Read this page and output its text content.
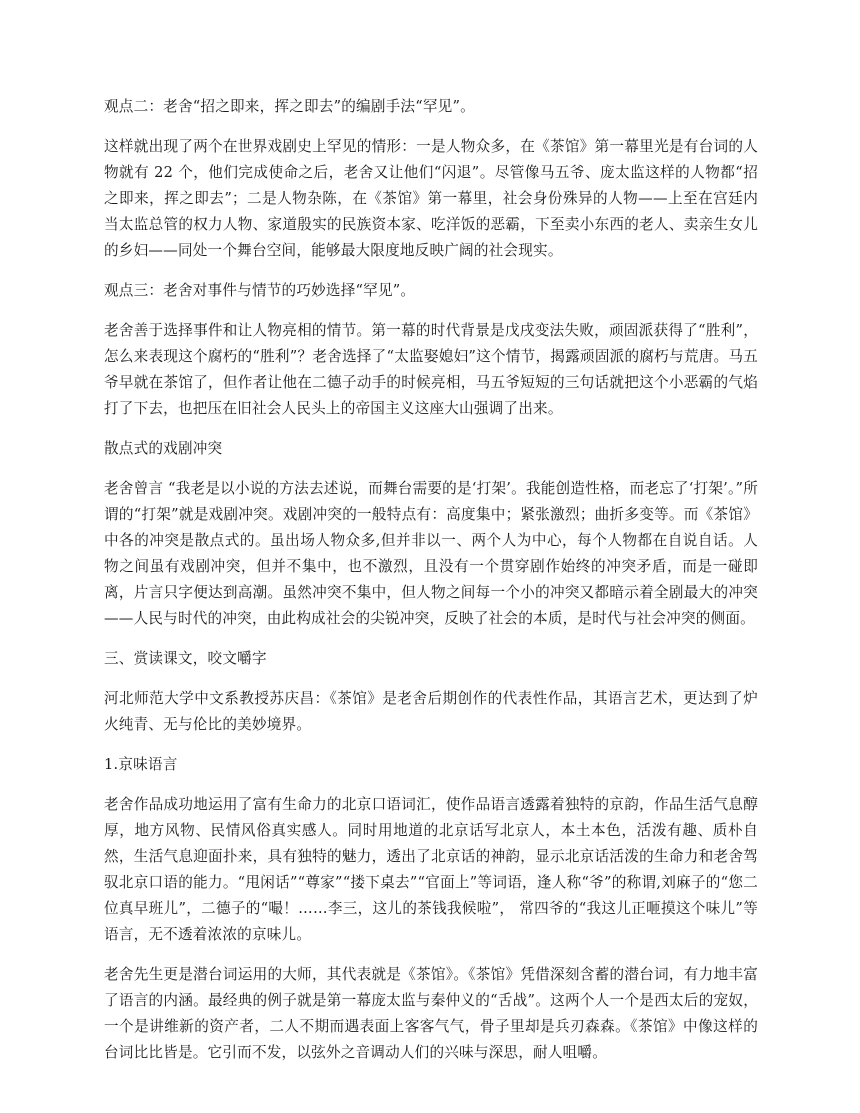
观点二：老舍“招之即来，挥之即去”的编剧手法“罕见”。

这样就出现了两个在世界戏剧史上罕见的情形：一是人物众多，在《茶馆》第一幕里光是有台词的人物就有 22 个，他们完成使命之后，老舍又让他们“闪退”。尽管像马五爷、庞太监这样的人物都“招之即来，挥之即去”；二是人物杂陈，在《茶馆》第一幕里，社会身份殊异的人物——上至在宫廷内当太监总管的权力人物、家道殷实的民族资本家、吃洋饭的恶霸，下至卖小东西的老人、卖亲生女儿的乡妇——同处一个舞台空间，能够最大限度地反映广阔的社会现实。

观点三：老舍对事件与情节的巧妙选择“罕见”。

老舍善于选择事件和让人物亮相的情节。第一幕的时代背景是戊戌变法失败，顽固派获得了“胜利”，怎么来表现这个腐朽的“胜利”？老舍选择了“太监娶媳妇”这个情节，揭露顽固派的腐朽与荒唐。马五爷早就在茶馆了，但作者让他在二德子动手的时候亮相，马五爷短短的三句话就把这个小恶霸的气焰打了下去，也把压在旧社会人民头上的帝国主义这座大山强调了出来。

散点式的戏剧冲突

老舍曾言 “我老是以小说的方法去述说，而舞台需要的是‘打架’。我能创造性格，而老忘了‘打架’。”所谓的“打架”就是戏剧冲突。戏剧冲突的一般特点有：高度集中；紧张激烈；曲折多变等。而《茶馆》中各的冲突是散点式的。虽出场人物众多,但并非以一、两个人为中心，每个人物都在自说自话。人物之间虽有戏剧冲突，但并不集中，也不激烈，且没有一个贯穿剧作始终的冲突矛盾，而是一碰即离，片言只字便达到高潮。虽然冲突不集中，但人物之间每一个小的冲突又都暗示着全剧最大的冲突——人民与时代的冲突，由此构成社会的尖锐冲突，反映了社会的本质，是时代与社会冲突的侧面。

三、赏读课文，咬文嚼字

河北师范大学中文系教授苏庆昌：《茶馆》是老舍后期创作的代表性作品，其语言艺术，更达到了炉火纯青、无与伦比的美妙境界。

1.京味语言

老舍作品成功地运用了富有生命力的北京口语词汇，使作品语言透露着独特的京韵，作品生活气息醇厚，地方风物、民情风俗真实感人。同时用地道的北京话写北京人，本土本色，活泼有趣、质朴自然，生活气息迎面扑来，具有独特的魅力，透出了北京话的神韵，显示北京话活泼的生命力和老舍驾驭北京口语的能力。“甩闲话”“尊家”“搂下桌去”“官面上”等词语，逢人称“爷”的称谓,刘麻子的“您二位真早班儿”，二德子的“嘬！……李三，这儿的茶钱我候啦”， 常四爷的“我这儿正咂摸这个味儿”等语言，无不透着浓浓的京味儿。

老舍先生更是潜台词运用的大师，其代表就是《茶馆》。《茶馆》凭借深刻含蓄的潜台词，有力地丰富了语言的内涵。最经典的例子就是第一幕庞太监与秦仲义的“舌战”。这两个人一个是西太后的宠奴，一个是讲维新的资产者，二人不期而遇表面上客客气气，骨子里却是兵刃森森。《茶馆》中像这样的台词比比皆是。它引而不发，以弦外之音调动人们的兴味与深思，耐人咀嚼。
